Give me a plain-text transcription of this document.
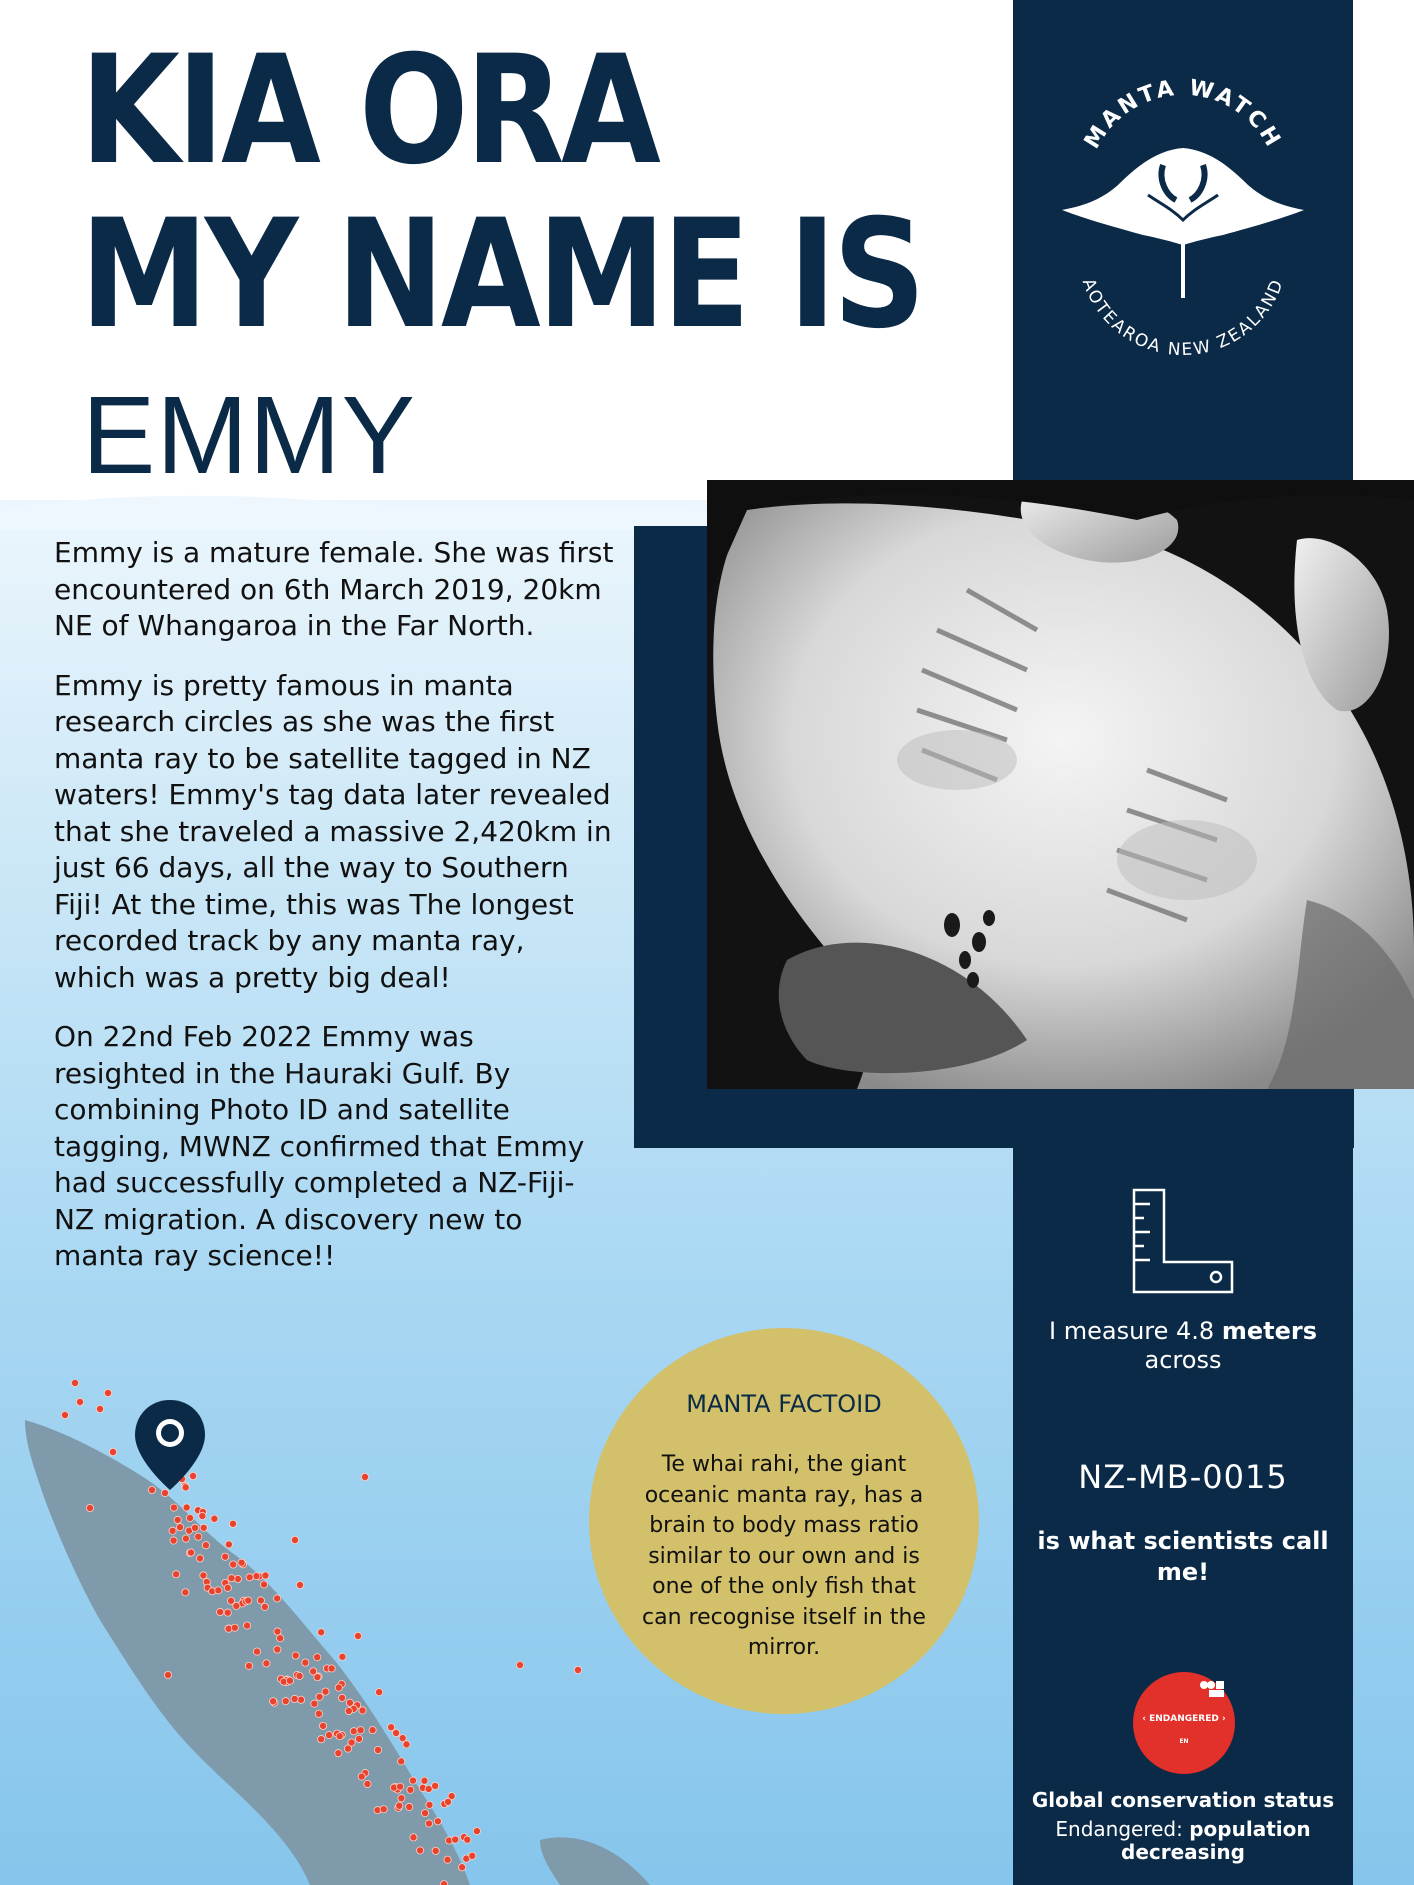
KIA ORA
MY NAME IS
EMMY
MANTA WATCH
AOTEAROA NEW ZEALAND

Emmy is a mature female. She was first encountered on 6th March 2019, 20km NE of Whangaroa in the Far North.

Emmy is pretty famous in manta research circles as she was the first manta ray to be satellite tagged in NZ waters! Emmy's tag data later revealed that she traveled a massive 2,420km in just 66 days, all the way to Southern Fiji! At the time, this was The longest recorded track by any manta ray, which was a pretty big deal!

On 22nd Feb 2022 Emmy was resighted in the Hauraki Gulf. By combining Photo ID and satellite tagging, MWNZ confirmed that Emmy had successfully completed a NZ-Fiji-NZ migration. A discovery new to manta ray science!!

MANTA FACTOID
Te whai rahi, the giant oceanic manta ray, has a brain to body mass ratio similar to our own and is one of the only fish that can recognise itself in the mirror.
I measure 4.8 meters
across
NZ-MB-0015
is what scientists call me!
‹ ENDANGERED ›
EN
Global conservation status
Endangered: population decreasing
